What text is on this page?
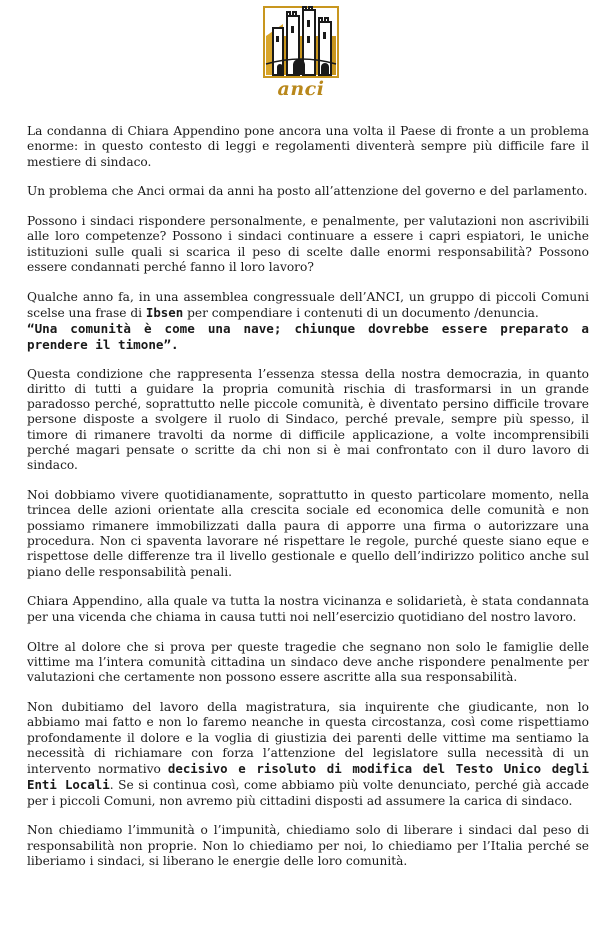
anci

La condanna di Chiara Appendino pone ancora una volta il Paese di fronte a un problema enorme: in questo contesto di leggi e regolamenti diventerà sempre più difficile fare il mestiere di sindaco.

Un problema che Anci ormai da anni ha posto all’attenzione del governo e del parlamento.

Possono i sindaci rispondere personalmente, e penalmente, per valutazioni non ascrivibili alle loro competenze? Possono i sindaci continuare a essere i capri espiatori, le uniche istituzioni sulle quali si scarica il peso di scelte dalle enormi responsabilità? Possono essere condannati perché fanno il loro lavoro?

Qualche anno fa, in una assemblea congressuale dell’ANCI, un gruppo di piccoli Comuni scelse una frase di Ibsen per compendiare i contenuti di un documento /denuncia.

“Una comunità è come una nave; chiunque dovrebbe essere preparato a prendere il timone”.

Questa condizione che rappresenta l’essenza stessa della nostra democrazia, in quanto diritto di tutti a guidare la propria comunità rischia di trasformarsi in un grande paradosso perché, soprattutto nelle piccole comunità, è diventato persino difficile trovare persone disposte a svolgere il ruolo di Sindaco, perché prevale, sempre più spesso, il timore di rimanere travolti da norme di difficile applicazione, a volte incomprensibili perché magari pensate o scritte da chi non si è mai confrontato con il duro lavoro di sindaco.

Noi dobbiamo vivere quotidianamente, soprattutto in questo particolare momento, nella trincea delle azioni orientate alla crescita sociale ed economica delle comunità e non possiamo rimanere immobilizzati dalla paura di apporre una firma o autorizzare una procedura. Non ci spaventa lavorare né rispettare le regole, purché queste siano eque e rispettose delle differenze tra il livello gestionale e quello dell’indirizzo politico anche sul piano delle responsabilità penali.

Chiara Appendino, alla quale va tutta la nostra vicinanza e solidarietà, è stata condannata per una vicenda che chiama in causa tutti noi nell’esercizio quotidiano del nostro lavoro.

Oltre al dolore che si prova per queste tragedie che segnano non solo le famiglie delle vittime ma l’intera comunità cittadina un sindaco deve anche rispondere penalmente per valutazioni che certamente non possono essere ascritte alla sua responsabilità.

Non dubitiamo del lavoro della magistratura, sia inquirente che giudicante, non lo abbiamo mai fatto e non lo faremo neanche in questa circostanza, così come rispettiamo profondamente il dolore e la voglia di giustizia dei parenti delle vittime ma sentiamo la necessità di richiamare con forza l’attenzione del legislatore sulla necessità di un intervento normativo decisivo e risoluto di modifica del Testo Unico degli Enti Locali. Se si continua così, come abbiamo più volte denunciato, perché già accade per i piccoli Comuni, non avremo più cittadini disposti ad assumere la carica di sindaco.

Non chiediamo l’immunità o l’impunità, chiediamo solo di liberare i sindaci dal peso di responsabilità non proprie. Non lo chiediamo per noi, lo chiediamo per l’Italia perché se liberiamo i sindaci, si liberano le energie delle loro comunità.
